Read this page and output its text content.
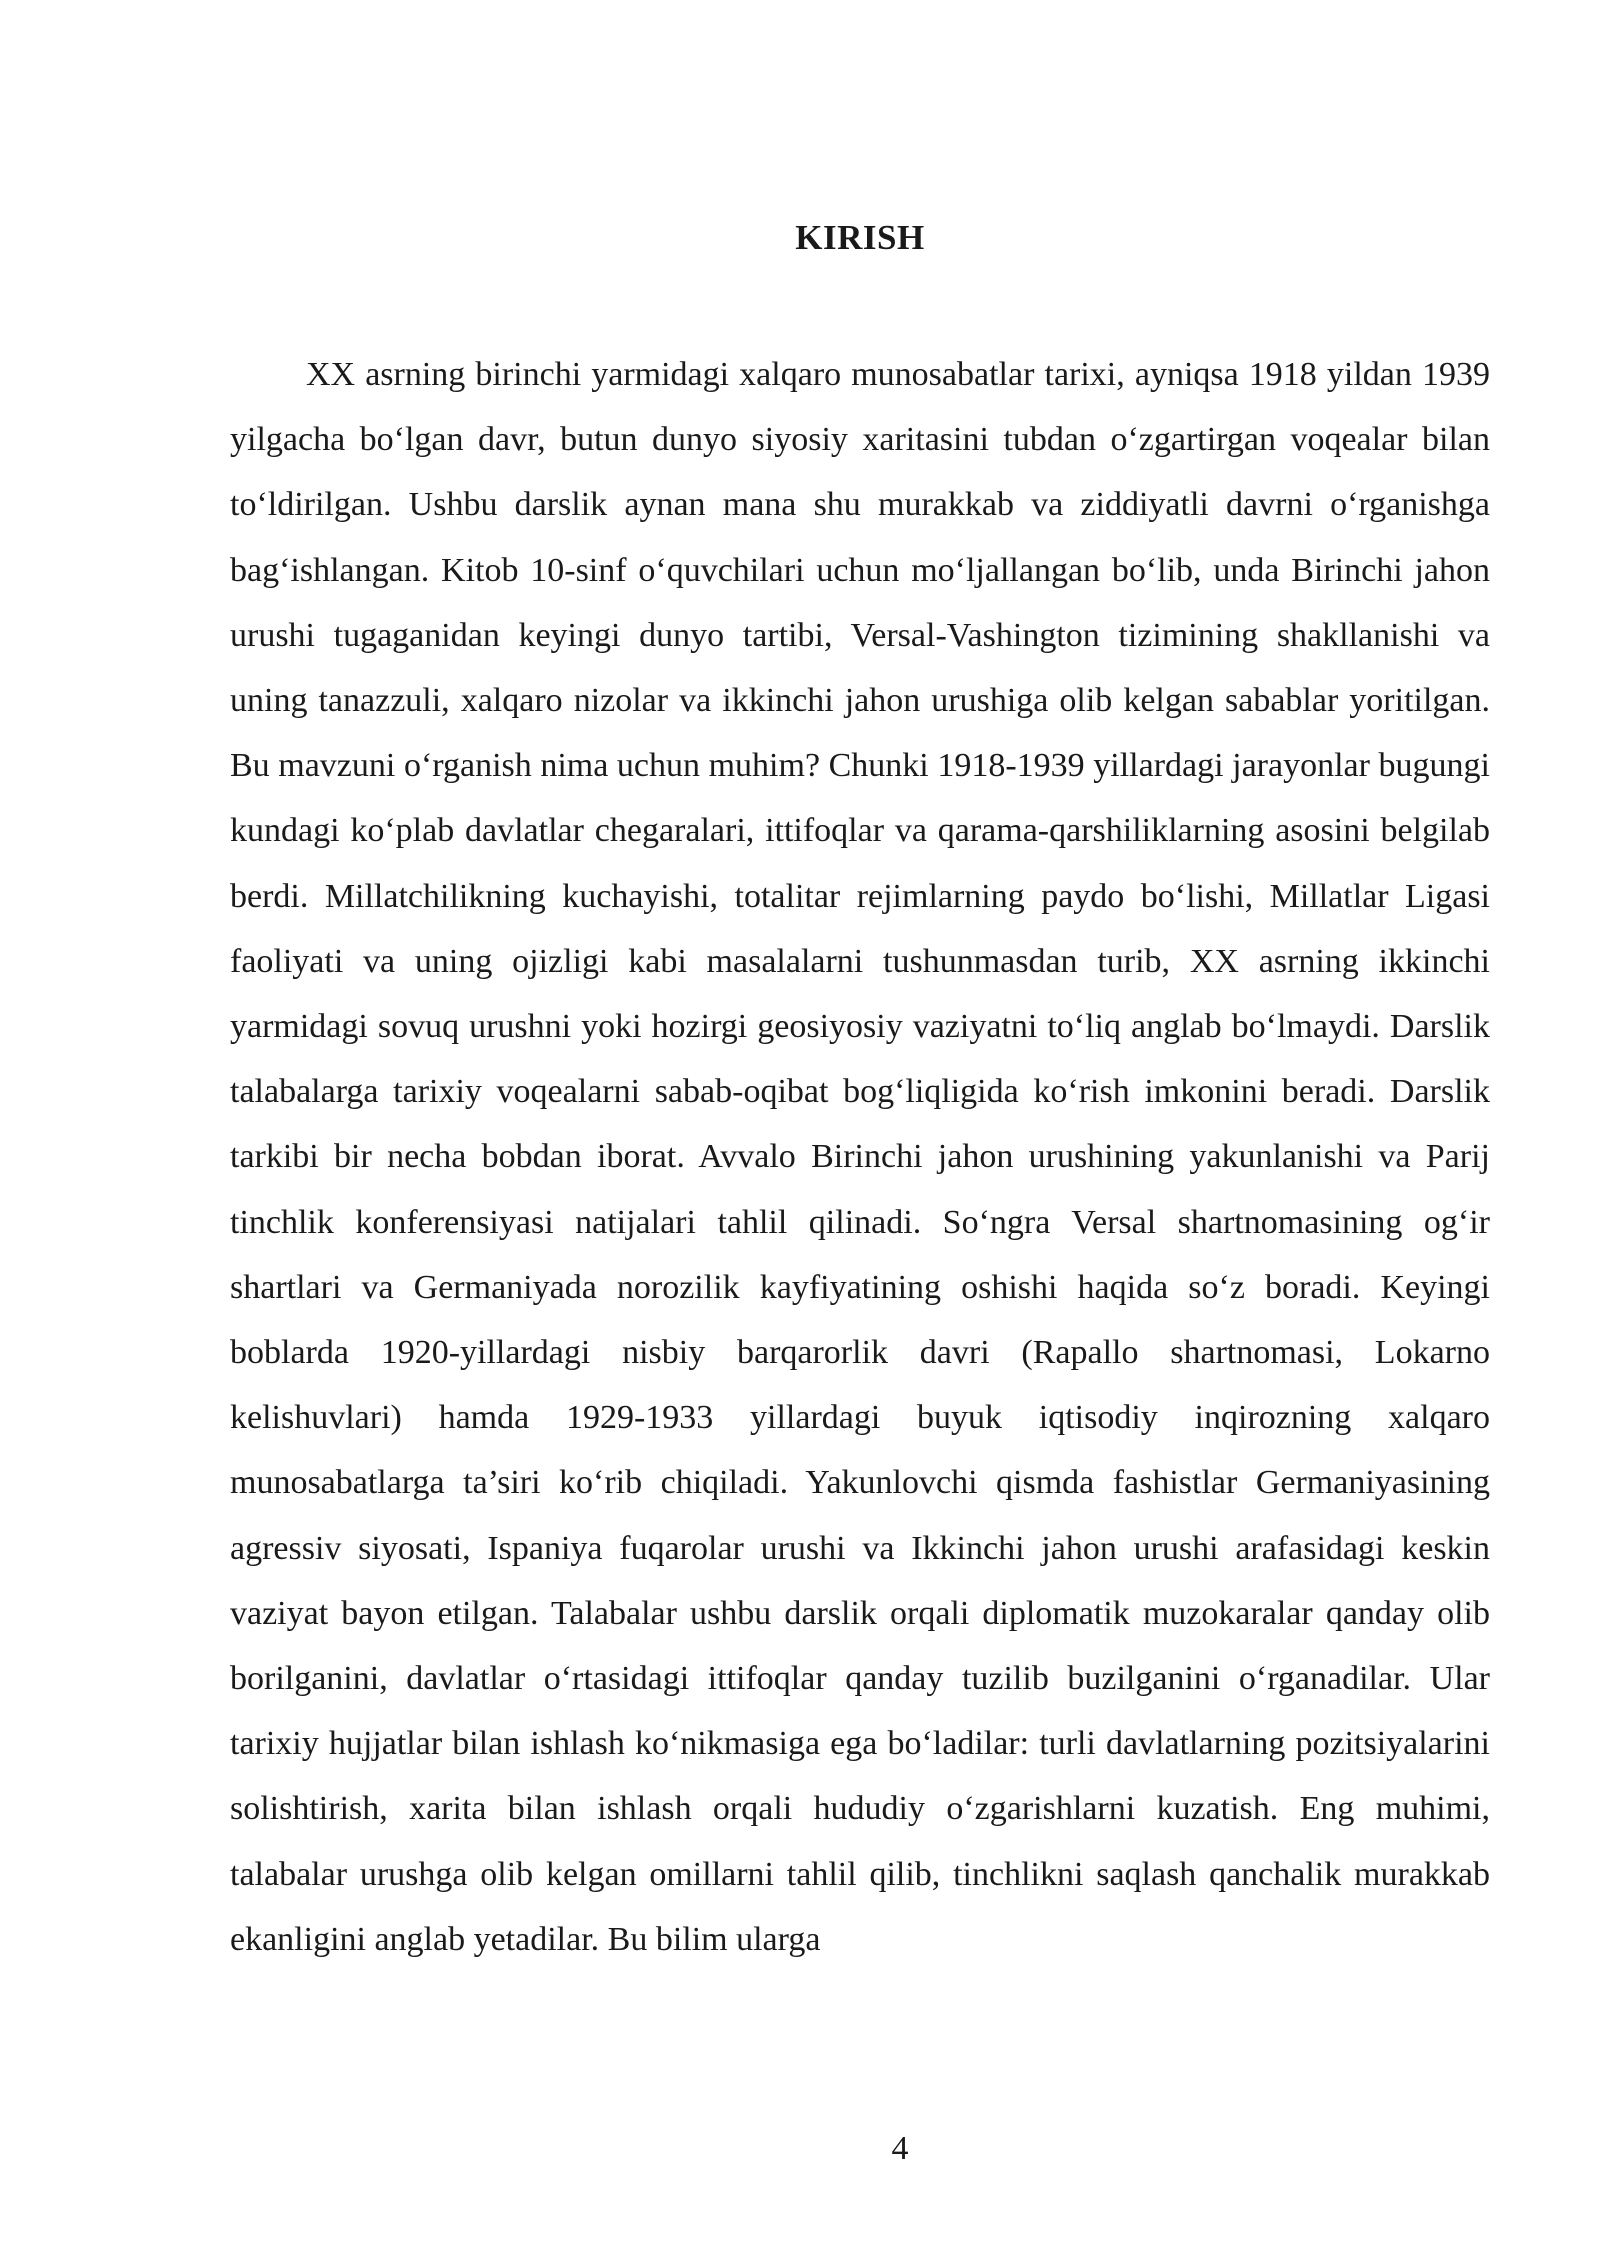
KIRISH

XX asrning birinchi yarmidagi xalqaro munosabatlar tarixi, ayniqsa 1918 yildan 1939 yilgacha bo‘lgan davr, butun dunyo siyosiy xaritasini tubdan o‘zgartirgan voqealar bilan to‘ldirilgan. Ushbu darslik aynan mana shu murakkab va ziddiyatli davrni o‘rganishga bag‘ishlangan. Kitob 10-sinf o‘quvchilari uchun mo‘ljallangan bo‘lib, unda Birinchi jahon urushi tugaganidan keyingi dunyo tartibi, Versal-Vashington tizimining shakllanishi va uning tanazzuli, xalqaro nizolar va ikkinchi jahon urushiga olib kelgan sabablar yoritilgan. Bu mavzuni o‘rganish nima uchun muhim? Chunki 1918-1939 yillardagi jarayonlar bugungi kundagi ko‘plab davlatlar chegaralari, ittifoqlar va qarama-qarshiliklarning asosini belgilab berdi. Millatchilikning kuchayishi, totalitar rejimlarning paydo bo‘lishi, Millatlar Ligasi faoliyati va uning ojizligi kabi masalalarni tushunmasdan turib, XX asrning ikkinchi yarmidagi sovuq urushni yoki hozirgi geosiyosiy vaziyatni to‘liq anglab bo‘lmaydi. Darslik talabalarga tarixiy voqealarni sabab-oqibat bog‘liqligida ko‘rish imkonini beradi. Darslik tarkibi bir necha bobdan iborat. Avvalo Birinchi jahon urushining yakunlanishi va Parij tinchlik konferensiyasi natijalari tahlil qilinadi. So‘ngra Versal shartnomasining og‘ir shartlari va Germaniyada norozilik kayfiyatining oshishi haqida so‘z boradi. Keyingi boblarda 1920-yillardagi nisbiy barqarorlik davri (Rapallo shartnomasi, Lokarno kelishuvlari) hamda 1929-1933 yillardagi buyuk iqtisodiy inqirozning xalqaro munosabatlarga ta’siri ko‘rib chiqiladi. Yakunlovchi qismda fashistlar Germaniyasining agressiv siyosati, Ispaniya fuqarolar urushi va Ikkinchi jahon urushi arafasidagi keskin vaziyat bayon etilgan. Talabalar ushbu darslik orqali diplomatik muzokaralar qanday olib borilganini, davlatlar o‘rtasidagi ittifoqlar qanday tuzilib buzilganini o‘rganadilar. Ular tarixiy hujjatlar bilan ishlash ko‘nikmasiga ega bo‘ladilar: turli davlatlarning pozitsiyalarini solishtirish, xarita bilan ishlash orqali hududiy o‘zgarishlarni kuzatish. Eng muhimi, talabalar urushga olib kelgan omillarni tahlil qilib, tinchlikni saqlash qanchalik murakkab ekanligini anglab yetadilar. Bu bilim ularga

4
